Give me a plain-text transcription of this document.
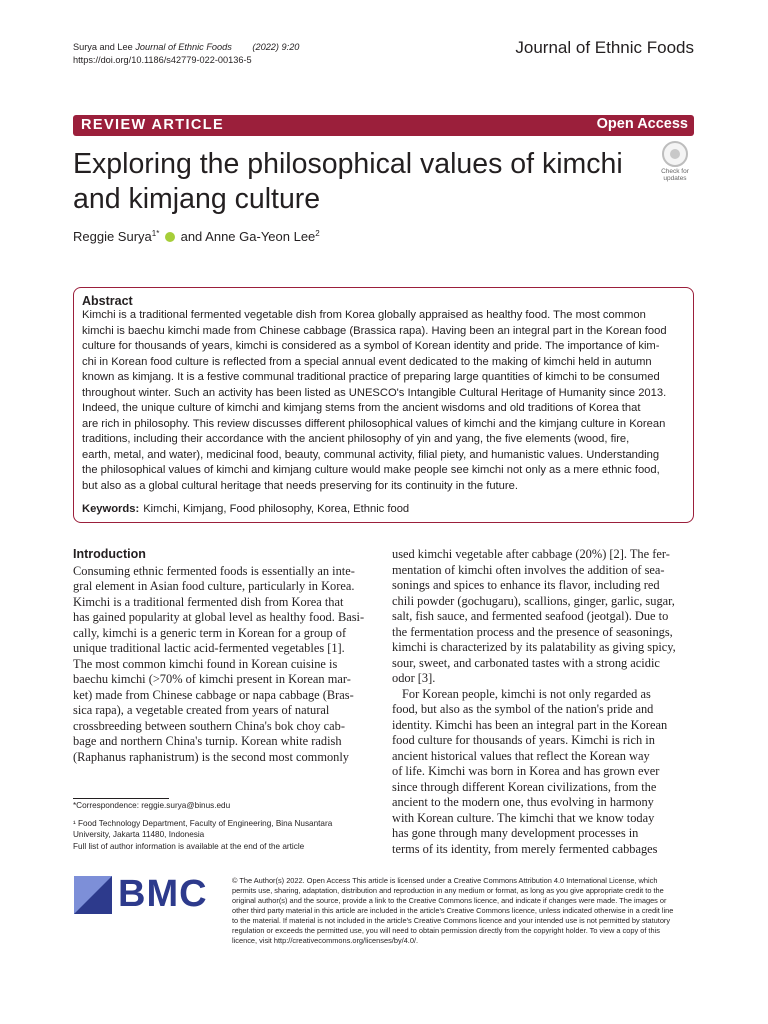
Surya and Lee Journal of Ethnic Foods (2022) 9:20
https://doi.org/10.1186/s42779-022-00136-5
Journal of Ethnic Foods
REVIEW ARTICLE	Open Access
Exploring the philosophical values of kimchi and kimjang culture
Check for updates
Reggie Surya$^{1*}$  and Anne Ga-Yeon Lee$^2$
Abstract
Kimchi is a traditional fermented vegetable dish from Korea globally appraised as healthy food. The most common
kimchi is baechu kimchi made from Chinese cabbage (Brassica rapa). Having been an integral part in the Korean food
culture for thousands of years, kimchi is considered as a symbol of Korean identity and pride. The importance of kim-
chi in Korean food culture is reflected from a special annual event dedicated to the making of kimchi held in autumn
known as kimjang. It is a festive communal traditional practice of preparing large quantities of kimchi to be consumed
throughout winter. Such an activity has been listed as UNESCO's Intangible Cultural Heritage of Humanity since 2013.
Indeed, the unique culture of kimchi and kimjang stems from the ancient wisdoms and old traditions of Korea that
are rich in philosophy. This review discusses different philosophical values of kimchi and the kimjang culture in Korean
traditions, including their accordance with the ancient philosophy of yin and yang, the five elements (wood, fire,
earth, metal, and water), medicinal food, beauty, communal activity, filial piety, and humanistic values. Understanding
the philosophical values of kimchi and kimjang culture would make people see kimchi not only as a mere ethnic food,
but also as a global cultural heritage that needs preserving for its continuity in the future.
Keywords: Kimchi, Kimjang, Food philosophy, Korea, Ethnic food
Introduction
Consuming ethnic fermented foods is essentially an inte-
gral element in Asian food culture, particularly in Korea.
Kimchi is a traditional fermented dish from Korea that
has gained popularity at global level as healthy food. Basi-
cally, kimchi is a generic term in Korean for a group of
unique traditional lactic acid-fermented vegetables [1].
The most common kimchi found in Korean cuisine is
baechu kimchi (>70% of kimchi present in Korean mar-
ket) made from Chinese cabbage or napa cabbage (Bras-
sica rapa), a vegetable created from years of natural
crossbreeding between southern China's bok choy cab-
bage and northern China's turnip. Korean white radish
(Raphanus raphanistrum) is the second most commonly
used kimchi vegetable after cabbage (20%) [2]. The fer-
mentation of kimchi often involves the addition of sea-
sonings and spices to enhance its flavor, including red
chili powder (gochugaru), scallions, ginger, garlic, sugar,
salt, fish sauce, and fermented seafood (jeotgal). Due to
the fermentation process and the presence of seasonings,
kimchi is characterized by its palatability as giving spicy,
sour, sweet, and carbonated tastes with a strong acidic
odor [3].
For Korean people, kimchi is not only regarded as
food, but also as the symbol of the nation's pride and
identity. Kimchi has been an integral part in the Korean
food culture for thousands of years. Kimchi is rich in
ancient historical values that reflect the Korean way
of life. Kimchi was born in Korea and has grown ever
since through different Korean civilizations, from the
ancient to the modern one, thus evolving in harmony
with Korean culture. The kimchi that we know today
has gone through many development processes in
terms of its identity, from merely fermented cabbages
*Correspondence: reggie.surya@binus.edu
¹ Food Technology Department, Faculty of Engineering, Bina Nusantara
University, Jakarta 11480, Indonesia
Full list of author information is available at the end of the article
BMC	© The Author(s) 2022. Open Access This article is licensed under a Creative Commons Attribution 4.0 International License, which
permits use, sharing, adaptation, distribution and reproduction in any medium or format, as long as you give appropriate credit to the
original author(s) and the source, provide a link to the Creative Commons licence, and indicate if changes were made. The images or
other third party material in this article are included in the article's Creative Commons licence, unless indicated otherwise in a credit line
to the material. If material is not included in the article's Creative Commons licence and your intended use is not permitted by statutory
regulation or exceeds the permitted use, you will need to obtain permission directly from the copyright holder. To view a copy of this
licence, visit http://creativecommons.org/licenses/by/4.0/.
